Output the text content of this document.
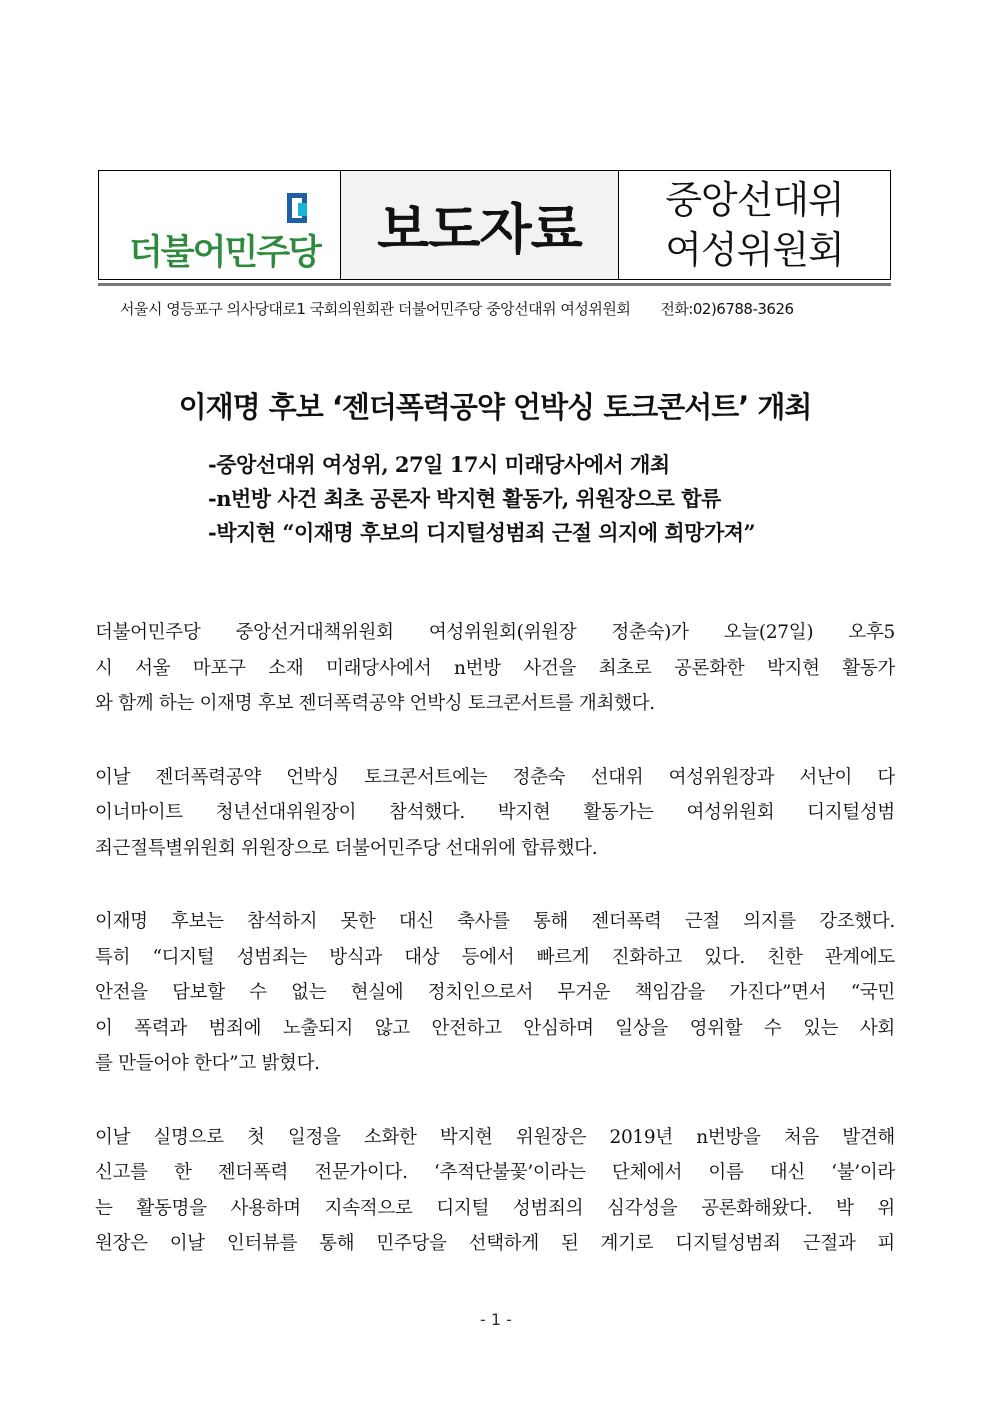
더불어민주당 보도자료 중앙선대위
여성위원회
서울시 영등포구 의사당대로1 국회의원회관 더불어민주당 중앙선대위 여성위원회 전화:02)6788-3626
이재명 후보 ‘젠더폭력공약 언박싱 토크콘서트’ 개최
-중앙선대위 여성위, 27일 17시 미래당사에서 개최
-n번방 사건 최초 공론자 박지현 활동가, 위원장으로 합류
-박지현 “이재명 후보의 디지털성범죄 근절 의지에 희망가져”

더불어민주당 중앙선거대책위원회 여성위원회(위원장 정춘숙)가 오늘(27일) 오후5
시 서울 마포구 소재 미래당사에서 n번방 사건을 최초로 공론화한 박지현 활동가
와 함께 하는 이재명 후보 젠더폭력공약 언박싱 토크콘서트를 개최했다.

이날 젠더폭력공약 언박싱 토크콘서트에는 정춘숙 선대위 여성위원장과 서난이 다
이너마이트 청년선대위원장이 참석했다. 박지현 활동가는 여성위원회 디지털성범
죄근절특별위원회 위원장으로 더불어민주당 선대위에 합류했다.

이재명 후보는 참석하지 못한 대신 축사를 통해 젠더폭력 근절 의지를 강조했다.
특히 “디지털 성범죄는 방식과 대상 등에서 빠르게 진화하고 있다. 친한 관계에도
안전을 담보할 수 없는 현실에 정치인으로서 무거운 책임감을 가진다”면서 “국민
이 폭력과 범죄에 노출되지 않고 안전하고 안심하며 일상을 영위할 수 있는 사회
를 만들어야 한다”고 밝혔다.

이날 실명으로 첫 일정을 소화한 박지현 위원장은 2019년 n번방을 처음 발견해
신고를 한 젠더폭력 전문가이다. ‘추적단불꽃’이라는 단체에서 이름 대신 ‘불’이라
는 활동명을 사용하며 지속적으로 디지털 성범죄의 심각성을 공론화해왔다. 박 위
원장은 이날 인터뷰를 통해 민주당을 선택하게 된 계기로 디지털성범죄 근절과 피

- 1 -
